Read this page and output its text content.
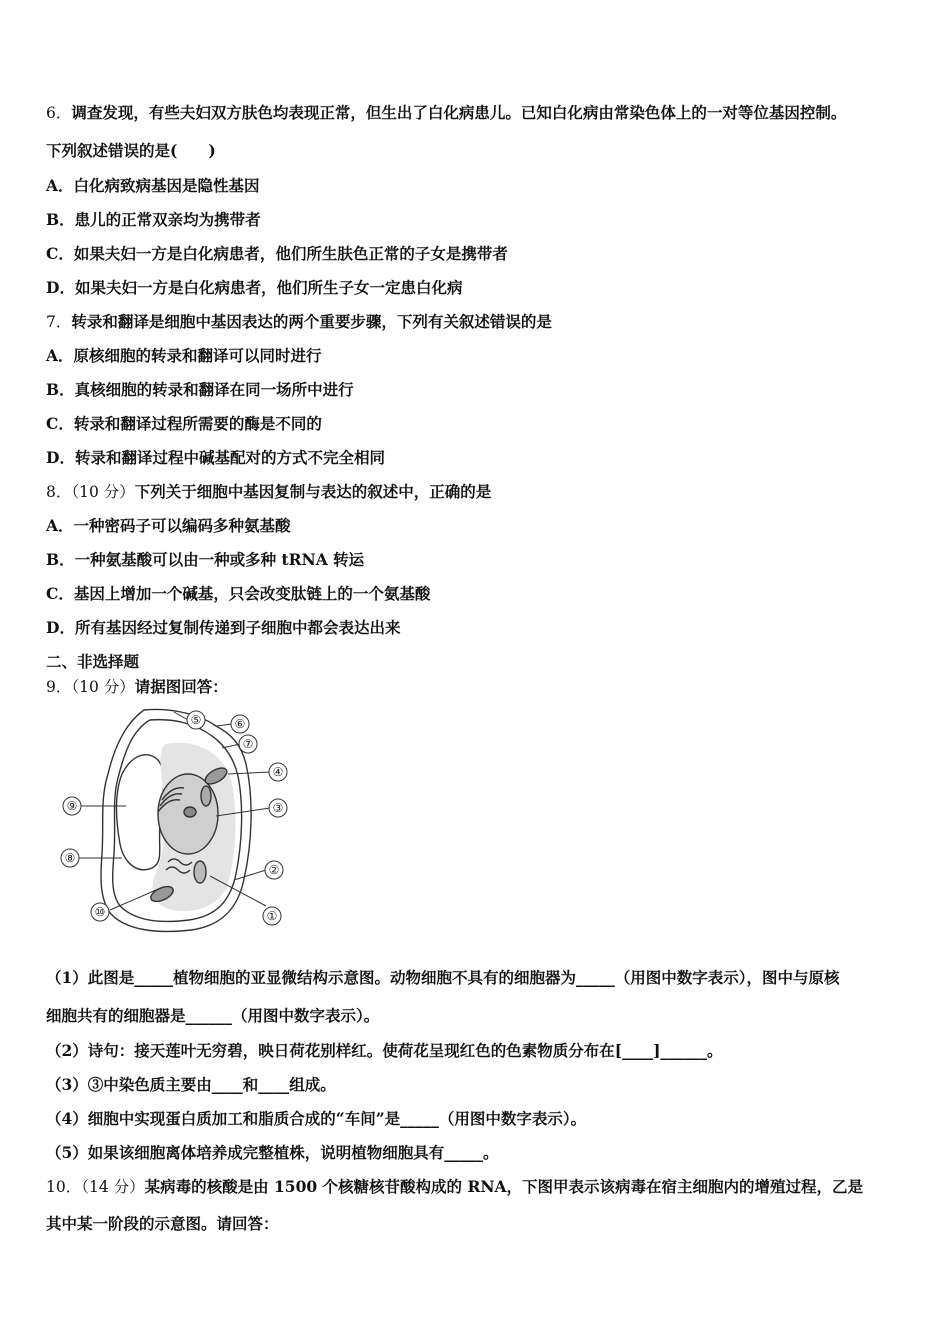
6．调查发现，有些夫妇双方肤色均表现正常，但生出了白化病患儿。已知白化病由常染色体上的一对等位基因控制。
下列叙述错误的是(　　)
A．白化病致病基因是隐性基因
B．患儿的正常双亲均为携带者
C．如果夫妇一方是白化病患者，他们所生肤色正常的子女是携带者
D．如果夫妇一方是白化病患者，他们所生子女一定患白化病
7．转录和翻译是细胞中基因表达的两个重要步骤，下列有关叙述错误的是
A．原核细胞的转录和翻译可以同时进行
B．真核细胞的转录和翻译在同一场所中进行
C．转录和翻译过程所需要的酶是不同的
D．转录和翻译过程中碱基配对的方式不完全相同
8．（10 分）下列关于细胞中基因复制与表达的叙述中，正确的是
A．一种密码子可以编码多种氨基酸
B．一种氨基酸可以由一种或多种 tRNA 转运
C．基因上增加一个碱基，只会改变肽链上的一个氨基酸
D．所有基因经过复制传递到子细胞中都会表达出来
二、非选择题
9．（10 分）请据图回答：
①
②
③
④
⑤	⑥
⑦
⑧
⑨
⑩
（1）此图是_____植物细胞的亚显微结构示意图。动物细胞不具有的细胞器为_____（用图中数字表示），图中与原核
细胞共有的细胞器是______（用图中数字表示）。
（2）诗句：接天莲叶无穷碧，映日荷花别样红。使荷花呈现红色的色素物质分布在[____]______。
（3）③中染色质主要由____和____组成。
（4）细胞中实现蛋白质加工和脂质合成的“车间”是_____（用图中数字表示）。
（5）如果该细胞离体培养成完整植株，说明植物细胞具有_____。
10．（14 分）某病毒的核酸是由 1500 个核糖核苷酸构成的 RNA，下图甲表示该病毒在宿主细胞内的增殖过程，乙是
其中某一阶段的示意图。请回答：
